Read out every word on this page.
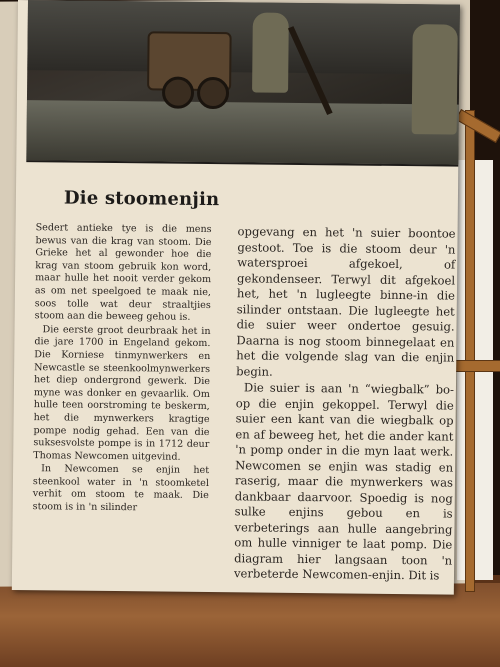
Die stoomenjin

Sedert antieke tye is die mens bewus van die krag van stoom. Die Grieke het al gewonder hoe die krag van stoom gebruik kon word, maar hulle het nooit verder gekom as om net speelgoed te maak nie, soos tolle wat deur straaltjies stoom aan die beweeg gehou is.

Die eerste groot deurbraak het in die jare 1700 in Engeland gekom. Die Korniese tinmynwerkers en Newcastle se steenkoolmynwerkers het diep ondergrond gewerk. Die myne was donker en gevaarlik. Om hulle teen oorstroming te beskerm, het die mynwerkers kragtige pompe nodig gehad. Een van die suksesvolste pompe is in 1712 deur Thomas Newcomen uitgevind.

In Newcomen se enjin het steenkool water in 'n stoomketel verhit om stoom te maak. Die stoom is in 'n silinder

opgevang en het 'n suier boontoe gestoot. Toe is die stoom deur 'n watersproei afgekoel, of gekondenseer. Terwyl dit afgekoel het, het 'n lugleegte binne-in die silinder ontstaan. Die lugleegte het die suier weer ondertoe gesuig. Daarna is nog stoom binnegelaat en het die volgende slag van die enjin begin.

Die suier is aan 'n “wiegbalk” bo-op die enjin gekoppel. Terwyl die suier een kant van die wiegbalk op en af beweeg het, het die ander kant 'n pomp onder in die myn laat werk. Newcomen se enjin was stadig en raserig, maar die mynwerkers was dankbaar daarvoor. Spoedig is nog sulke enjins gebou en is verbeterings aan hulle aangebring om hulle vinniger te laat pomp. Die diagram hier langsaan toon 'n verbeterde Newcomen-enjin. Dit is
